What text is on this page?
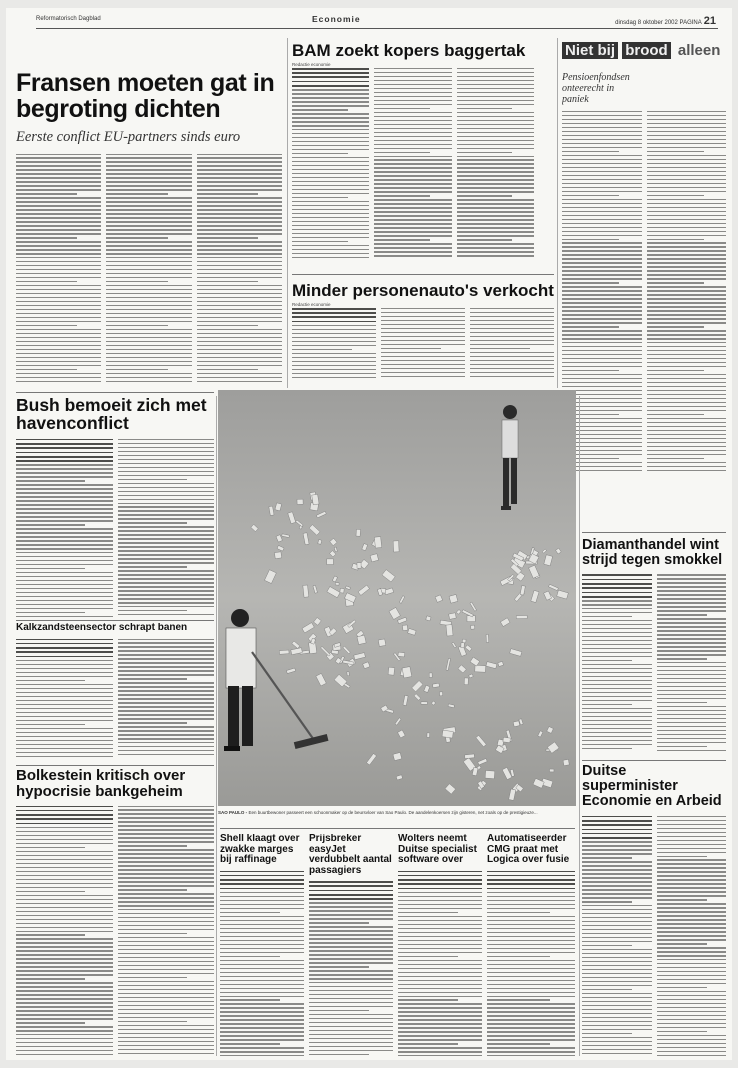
Reformatorisch Dagblad	Economie	dinsdag 8 oktober 2002 PAGINA 21
Fransen moeten gat in begroting dichten
Eerste conflict EU-partners sinds euro
BAM zoekt kopers baggertak
Redactie economie
Niet bij brood alleen
Pensioenfondsen onteerecht in paniek
Minder personenauto's verkocht
Redactie economie
Bush bemoeit zich met havenconflict
Kalkzandsteensector schrapt banen
Bolkestein kritisch over hypocrisie bankgeheim
SAO PAULO - Een buurtbewoner passeert een schoonmaker op de beursvloer van Sao Paulo. De aandelenkoersen zijn gisteren, net zoals op de prestigieuze...
Diamanthandel wint strijd tegen smokkel
Duitse superminister Economie en Arbeid
Shell klaagt over zwakke marges bij raffinage
Prijsbreker easyJet verdubbelt aantal passagiers
Wolters neemt Duitse specialist software over
Automatiseerder CMG praat met Logica over fusie
